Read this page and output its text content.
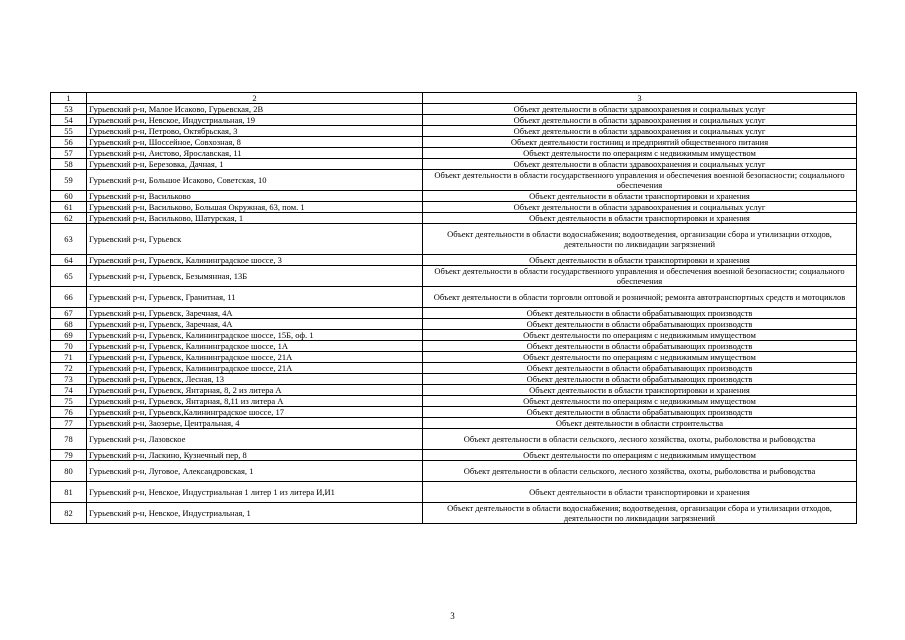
1	2	3
53	Гурьевский р-н, Малое Исаково, Гурьевская, 2В	Объект деятельности в области здравоохранения и социальных услуг
54	Гурьевский р-н, Невское, Индустриальная, 19	Объект деятельности в области здравоохранения и социальных услуг
55	Гурьевский р-н, Петрово, Октябрьская, 3	Объект деятельности в области здравоохранения и социальных услуг
56	Гурьевский р-н, Шоссейное, Совхозная, 8	Объект деятельности гостиниц и предприятий общественного питания
57	Гурьевский р-н, Аистово, Ярославская, 11	Объект деятельности по операциям с недвижимым имуществом
58	Гурьевский р-н, Березовка, Дачная, 1	Объект деятельности в области здравоохранения и социальных услуг
59	Гурьевский р-н, Большое Исаково, Советская, 10	Объект деятельности в области государственного управления и обеспечения военной безопасности; социального обеспечения
60	Гурьевский р-н, Васильково	Объект деятельности в области транспортировки и хранения
61	Гурьевский р-н, Васильково, Большая Окружная, 63, пом. 1	Объект деятельности в области здравоохранения и социальных услуг
62	Гурьевский р-н, Васильково, Шатурская, 1	Объект деятельности в области транспортировки и хранения
63	Гурьевский р-н, Гурьевск	Объект деятельности в области водоснабжения; водоотведения, организации сбора и утилизации отходов, деятельности по ликвидации загрязнений
64	Гурьевский р-н, Гурьевск, Калининградское шоссе, 3	Объект деятельности в области транспортировки и хранения
65	Гурьевский р-н, Гурьевск, Безымянная, 13Б	Объект деятельности в области государственного управления и обеспечения военной безопасности; социального обеспечения
66	Гурьевский р-н, Гурьевск, Гранитная, 11	Объект деятельности в области торговли оптовой и розничной; ремонта автотранспортных средств и мотоциклов
67	Гурьевский р-н, Гурьевск, Заречная, 4А	Объект деятельности в области обрабатывающих производств
68	Гурьевский р-н, Гурьевск, Заречная, 4А	Объект деятельности в области обрабатывающих производств
69	Гурьевский р-н, Гурьевск, Калининградское шоссе, 15Б, оф. 1	Объект деятельности по операциям с недвижимым имуществом
70	Гурьевский р-н, Гурьевск, Калининградское шоссе, 1А	Объект деятельности в области обрабатывающих производств
71	Гурьевский р-н, Гурьевск, Калининградское шоссе, 21А	Объект деятельности по операциям с недвижимым имуществом
72	Гурьевский р-н, Гурьевск, Калининградское шоссе, 21А	Объект деятельности в области обрабатывающих производств
73	Гурьевский р-н, Гурьевск, Лесная, 13	Объект деятельности в области обрабатывающих производств
74	Гурьевский р-н, Гурьевск, Янтарная, 8, 2 из литера А	Объект деятельности в области транспортировки и хранения
75	Гурьевский р-н, Гурьевск, Янтарная, 8,11 из литера А	Объект деятельности по операциям с недвижимым имуществом
76	Гурьевский р-н, Гурьевск,Калининградское шоссе, 17	Объект деятельности в области обрабатывающих производств
77	Гурьевский р-н, Заозерье, Центральная, 4	Объект деятельности в области строительства
78	Гурьевский р-н, Лазовское	Объект деятельности в области сельского, лесного хозяйства, охоты, рыболовства и рыбоводства
79	Гурьевский р-н, Ласкино, Кузнечный пер, 8	Объект деятельности по операциям с недвижимым имуществом
80	Гурьевский р-н, Луговое, Александровская, 1	Объект деятельности в области сельского, лесного хозяйства, охоты, рыболовства и рыбоводства
81	Гурьевский р-н, Невское, Индустриальная 1 литер 1 из литера И,И1	Объект деятельности в области транспортировки и хранения
82	Гурьевский р-н, Невское, Индустриальная, 1	Объект деятельности в области водоснабжения; водоотведения, организации сбора и утилизации отходов, деятельности по ликвидации загрязнений
3
